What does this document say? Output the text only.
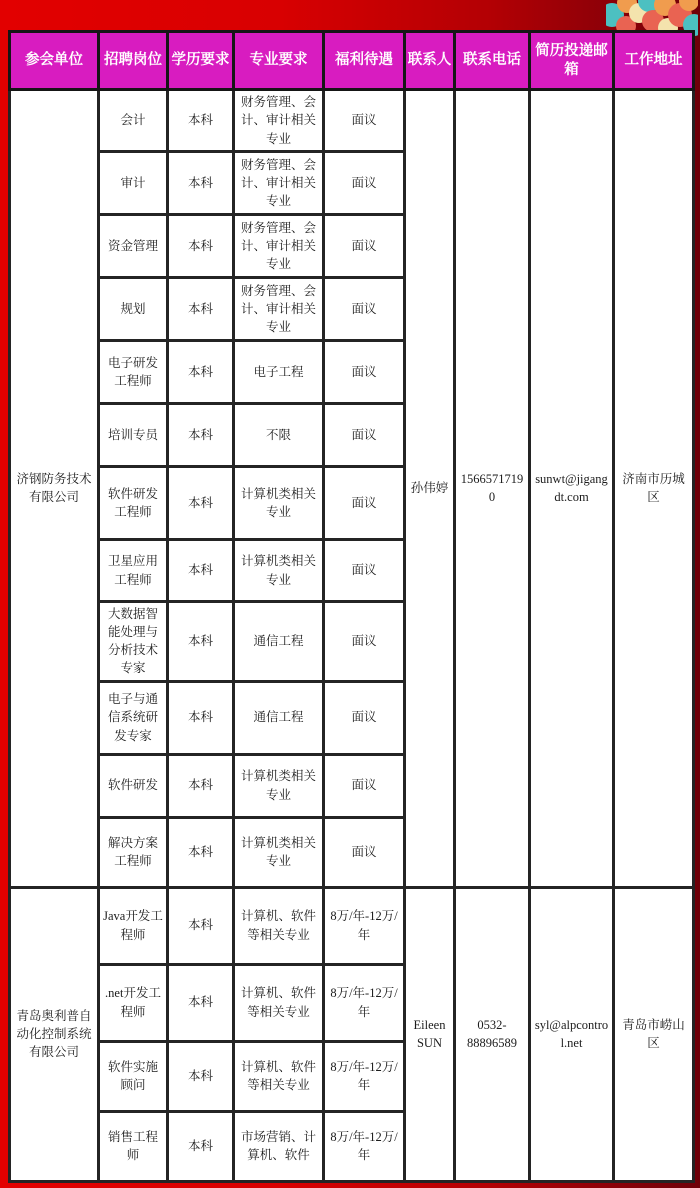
参会单位	招聘岗位	学历要求	专业要求	福利待遇	联系人	联系电话	简历投递邮箱	工作地址
济钢防务技术有限公司	会计	本科	财务管理、会计、审计相关专业	面议	孙伟婷	15665717190	sunwt@jigangdt.com	济南市历城区
	审计	本科	财务管理、会计、审计相关专业	面议				
	资金管理	本科	财务管理、会计、审计相关专业	面议				
	规划	本科	财务管理、会计、审计相关专业	面议				
	电子研发工程师	本科	电子工程	面议				
	培训专员	本科	不限	面议				
	软件研发工程师	本科	计算机类相关专业	面议				
	卫星应用工程师	本科	计算机类相关专业	面议				
	大数据智能处理与分析技术专家	本科	通信工程	面议				
	电子与通信系统研发专家	本科	通信工程	面议				
	软件研发	本科	计算机类相关专业	面议				
	解决方案工程师	本科	计算机类相关专业	面议				
青岛奥利普自动化控制系统有限公司	Java开发工程师	本科	计算机、软件等相关专业	8万/年-12万/年	Eileen SUN	0532-88896589	syl@alpcontrol.net	青岛市崂山区
	.net开发工程师	本科	计算机、软件等相关专业	8万/年-12万/年				
	软件实施顾问	本科	计算机、软件等相关专业	8万/年-12万/年				
	销售工程师	本科	市场营销、计算机、软件	8万/年-12万/年				
